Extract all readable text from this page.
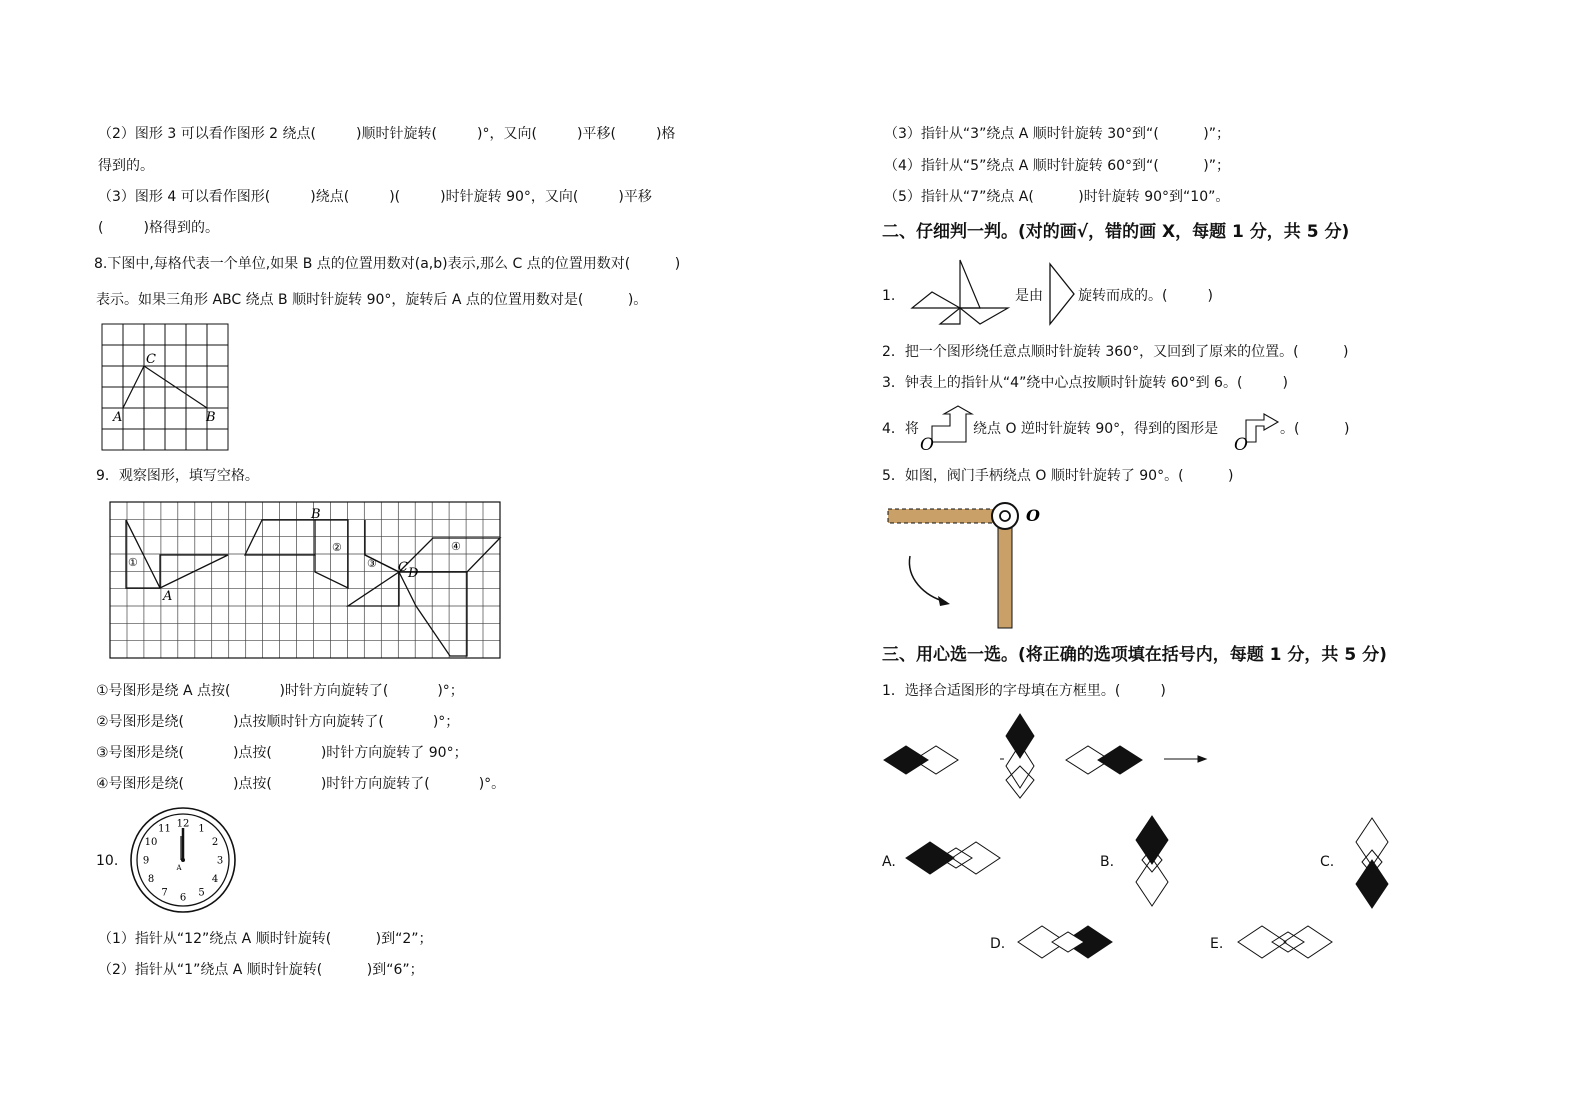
（2）图形 3 可以看作图形 2 绕点(         )顺时针旋转(         )°，又向(         )平移(         )格
得到的。
（3）图形 4 可以看作图形(         )绕点(         )(         )时针旋转 90°，又向(         )平移
(         )格得到的。
8.下图中,每格代表一个单位,如果 B 点的位置用数对(a,b)表示,那么 C 点的位置用数对(          )
表示。如果三角形 ABC 绕点 B 顺时针旋转 90°，旋转后 A 点的位置用数对是(          )。
A
C
B
9．观察图形，填写空格。
①
②
③
④
A
B
C D
①号图形是绕 A 点按(           )时针方向旋转了(           )°；
②号图形是绕(           )点按顺时针方向旋转了(           )°；
③号图形是绕(           )点按(           )时针方向旋转了 90°；
④号图形是绕(           )点按(           )时针方向旋转了(           )°。
10.
12 1
2
3
4
5
6
7
8
9
10
11
A
（1）指针从“12”绕点 A 顺时针旋转(          )到“2”；
（2）指针从“1”绕点 A 顺时针旋转(          )到“6”；
（3）指针从“3”绕点 A 顺时针旋转 30°到“(          )”；
（4）指针从“5”绕点 A 顺时针旋转 60°到“(          )”；
（5）指针从“7”绕点 A(          )时针旋转 90°到“10”。
二、仔细判一判。(对的画√，错的画 X，每题 1 分，共 5 分)
1.	是由	旋转而成的。(         )
2．把一个图形绕任意点顺时针旋转 360°，又回到了原来的位置。(          )
3．钟表上的指针从“4”绕中心点按顺时针旋转 60°到 6。(         )
4．将
O
绕点 O 逆时针旋转 90°，得到的图形是
O
。(          )
5．如图，阀门手柄绕点 O 顺时针旋转了 90°。(          )
O
三、用心选一选。(将正确的选项填在括号内，每题 1 分，共 5 分)
1．选择合适图形的字母填在方框里。(         )
A.	B.	C.
D.	E.
